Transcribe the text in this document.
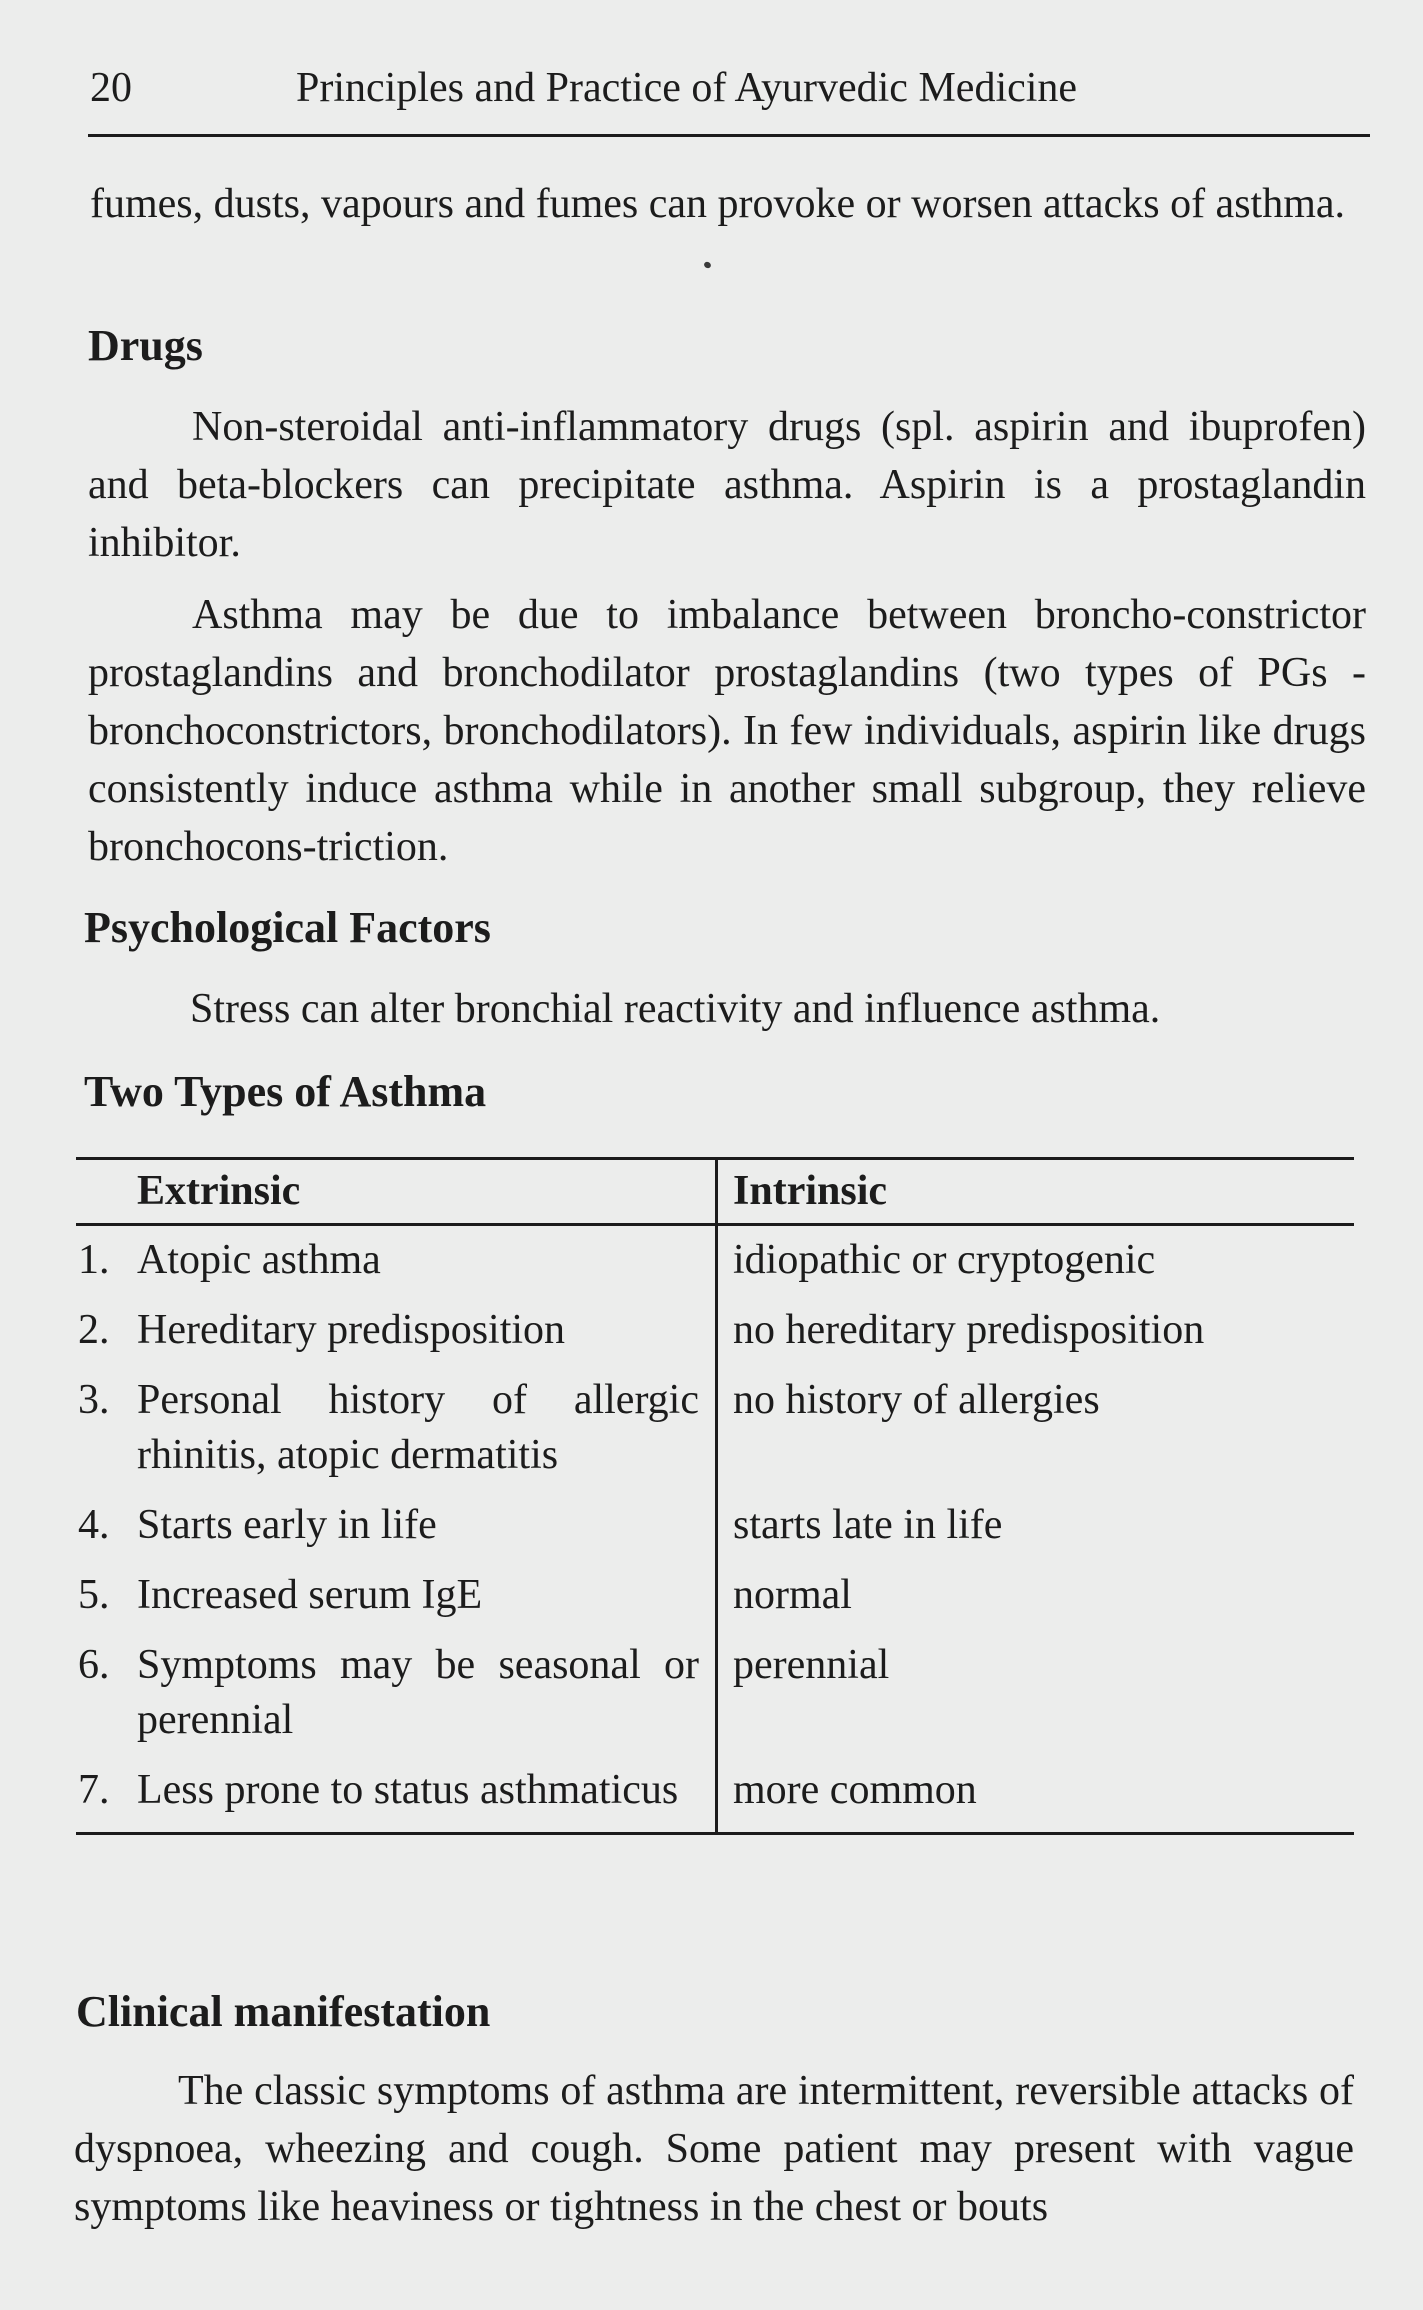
20	Principles and Practice of Ayurvedic Medicine

fumes, dusts, vapours and fumes can provoke or worsen attacks of asthma.

Drugs

Non-steroidal anti-inflammatory drugs (spl. aspirin and ibuprofen) and beta-blockers can precipitate asthma. Aspirin is a prostaglandin inhibitor.

Asthma may be due to imbalance between broncho-constrictor prostaglandins and bronchodilator prostaglandins (two types of PGs - bronchoconstrictors, bronchodilators). In few individuals, aspirin like drugs consistently induce asthma while in another small subgroup, they relieve bronchocons-triction.

Psychological Factors

Stress can alter bronchial reactivity and influence asthma.

Two Types of Asthma
Extrinsic	Intrinsic

1. Atopic asthma	idiopathic or cryptogenic

2. Hereditary predisposition	no hereditary predisposition

3. Personal history of allergic rhinitis, atopic dermatitis	no history of allergies

4. Starts early in life	starts late in life

5. Increased serum IgE	normal

6. Symptoms may be seasonal or perennial	perennial

7. Less prone to status asthmaticus	more common
Clinical manifestation

The classic symptoms of asthma are intermittent, reversible attacks of dyspnoea, wheezing and cough. Some patient may present with vague symptoms like heaviness or tightness in the chest or bouts
